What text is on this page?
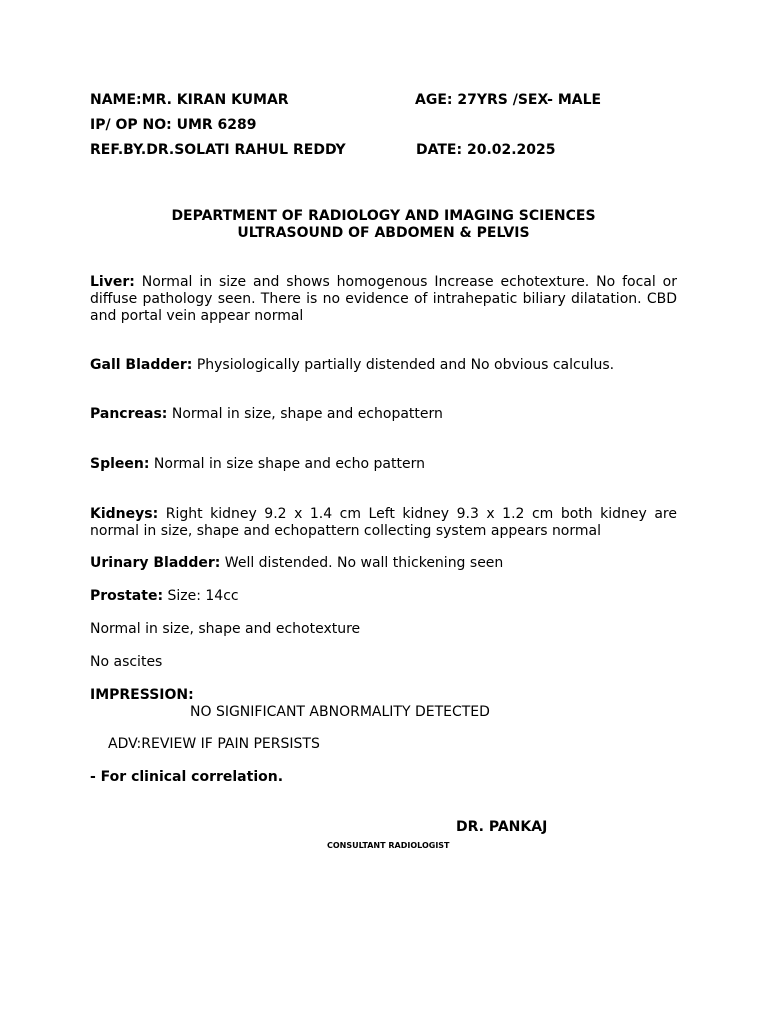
NAME:MR. KIRAN KUMAR	AGE: 27YRS /SEX- MALE
IP/ OP NO: UMR 6289
REF.BY.DR.SOLATI RAHUL REDDY	DATE: 20.02.2025
DEPARTMENT OF RADIOLOGY AND IMAGING SCIENCES
ULTRASOUND OF ABDOMEN & PELVIS
Liver: Normal in size and shows homogenous Increase echotexture. No focal or diffuse pathology seen. There is no evidence of intrahepatic biliary dilatation. CBD and portal vein appear normal
Gall Bladder: Physiologically partially distended and No obvious calculus.
Pancreas: Normal in size, shape and echopattern
Spleen: Normal in size shape and echo pattern
Kidneys: Right kidney 9.2 x 1.4 cm Left kidney 9.3 x 1.2 cm both kidney are normal in size, shape and echopattern collecting system appears normal
Urinary Bladder: Well distended. No wall thickening seen
Prostate: Size: 14cc
Normal in size, shape and echotexture
No ascites
IMPRESSION:
NO SIGNIFICANT ABNORMALITY DETECTED
ADV:REVIEW IF PAIN PERSISTS
- For clinical correlation.
DR. PANKAJ
CONSULTANT RADIOLOGIST
